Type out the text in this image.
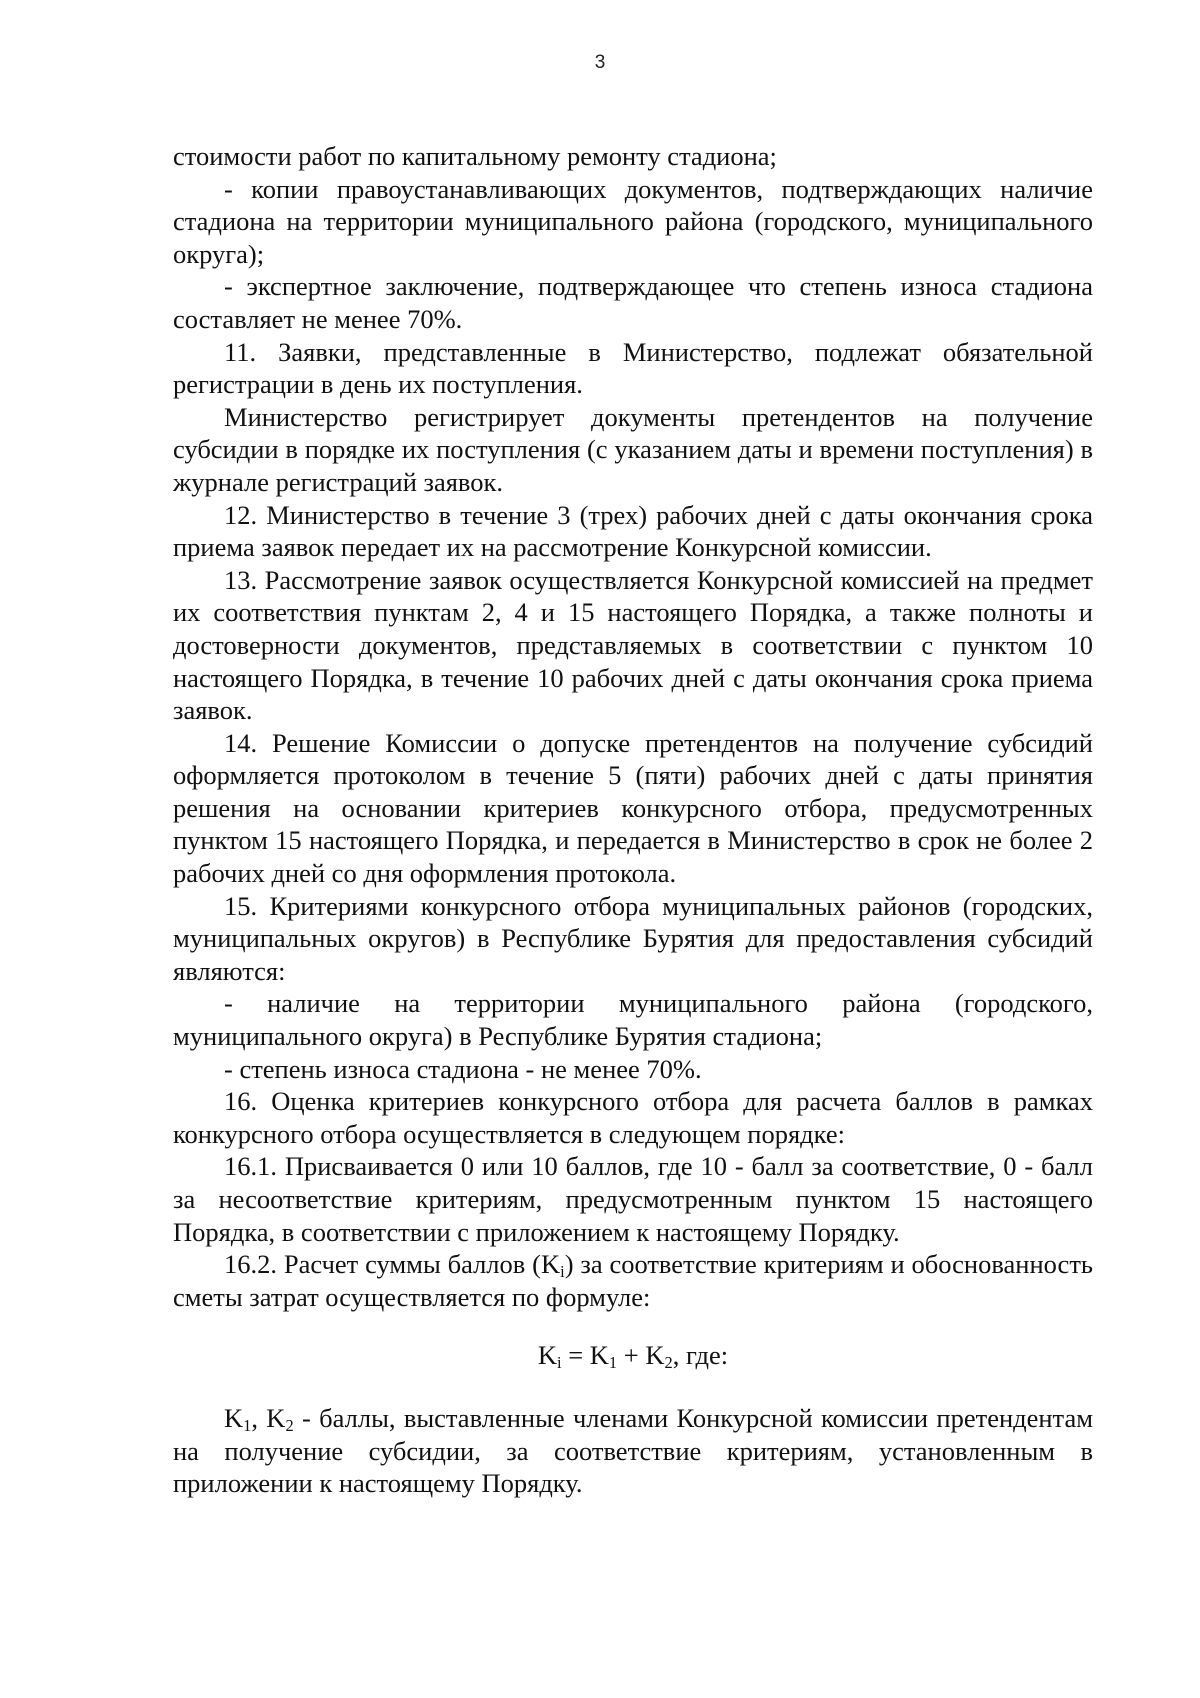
3

стоимости работ по капитальному ремонту стадиона;

- копии правоустанавливающих документов, подтверждающих наличие стадиона на территории муниципального района (городского, муниципального округа);

- экспертное заключение, подтверждающее что степень износа стадиона составляет не менее 70%.

11. Заявки, представленные в Министерство, подлежат обязательной регистрации в день их поступления.

Министерство регистрирует документы претендентов на получение субсидии в порядке их поступления (с указанием даты и времени поступления) в журнале регистраций заявок.

12. Министерство в течение 3 (трех) рабочих дней с даты окончания срока приема заявок передает их на рассмотрение Конкурсной комиссии.

13. Рассмотрение заявок осуществляется Конкурсной комиссией на предмет их соответствия пунктам 2, 4 и 15 настоящего Порядка, а также полноты и достоверности документов, представляемых в соответствии с пунктом 10 настоящего Порядка, в течение 10 рабочих дней с даты окончания срока приема заявок.

14. Решение Комиссии о допуске претендентов на получение субсидий оформляется протоколом в течение 5 (пяти) рабочих дней с даты принятия решения на основании критериев конкурсного отбора, предусмотренных пунктом 15 настоящего Порядка, и передается в Министерство в срок не более 2 рабочих дней со дня оформления протокола.

15. Критериями конкурсного отбора муниципальных районов (городских, муниципальных округов) в Республике Бурятия для предоставления субсидий являются:

- наличие на территории муниципального района (городского, муниципального округа) в Республике Бурятия стадиона;

- степень износа стадиона - не менее 70%.

16. Оценка критериев конкурсного отбора для расчета баллов в рамках конкурсного отбора осуществляется в следующем порядке:

16.1. Присваивается 0 или 10 баллов, где 10 - балл за соответствие, 0 - балл за несоответствие критериям, предусмотренным пунктом 15 настоящего Порядка, в соответствии с приложением к настоящему Порядку.

16.2. Расчет суммы баллов $(K_i)$ за соответствие критериям и обоснованность сметы затрат осуществляется по формуле:

$K_i = K_1 + K_2$, где:

$K_1$, $K_2$ - баллы, выставленные членами Конкурсной комиссии претендентам на получение субсидии, за соответствие критериям, установленным в приложении к настоящему Порядку.
